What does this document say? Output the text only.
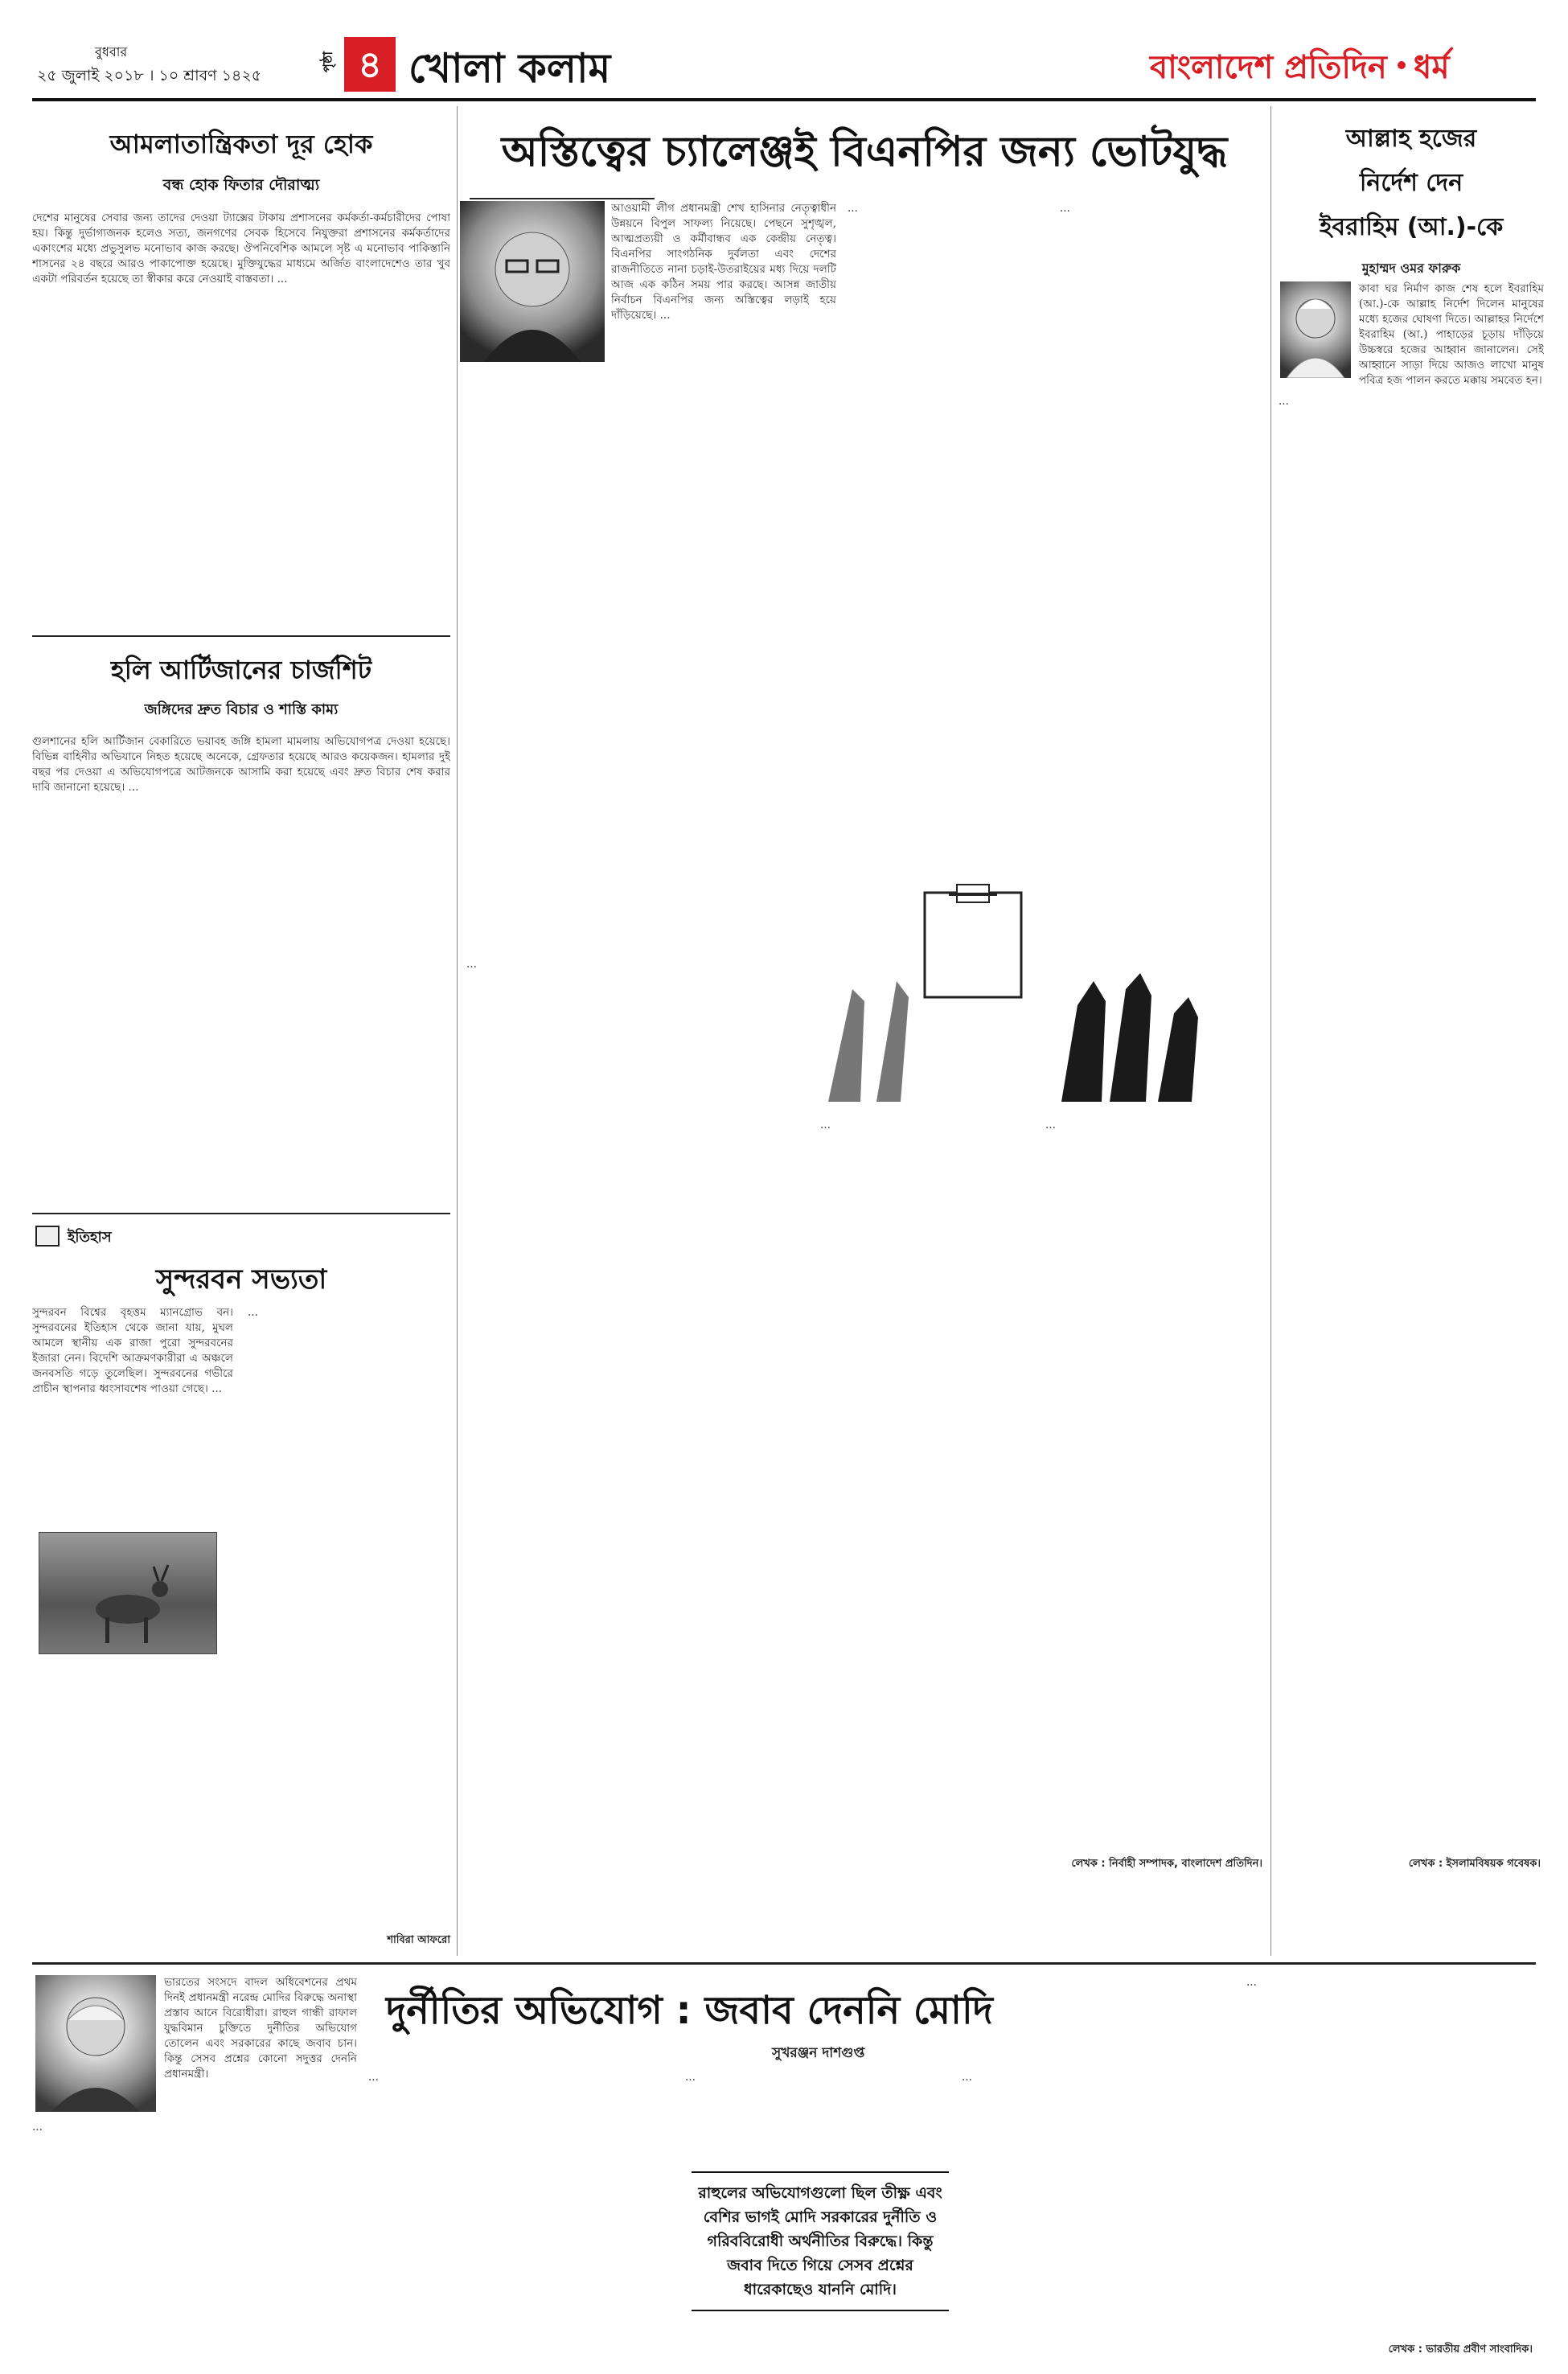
বুধবার
২৫ জুলাই ২০১৮ । ১০ শ্রাবণ ১৪২৫
পৃষ্ঠা ৪ খোলা কলাম	বাংলাদেশ প্রতিদিন ধর্ম
আমলাতান্ত্রিকতা দূর হোক
বন্ধ হোক ফিতার দৌরাত্ম্য
দেশের মানুষের সেবার জন্য তাদের দেওয়া ট্যাক্সের টাকায় প্রশাসনের কর্মকর্তা-কর্মচারীদের পোষা হয়। কিন্তু দুর্ভাগ্যজনক হলেও সত্য, জনগণের সেবক হিসেবে নিযুক্তরা প্রশাসনের কর্মকর্তাদের একাংশের মধ্যে প্রভুসুলভ মনোভাব কাজ করছে। ঔপনিবেশিক আমলে সৃষ্ট এ মনোভাব পাকিস্তানি শাসনের ২৪ বছরে আরও পাকাপোক্ত হয়েছে। মুক্তিযুদ্ধের মাধ্যমে অর্জিত বাংলাদেশেও তার খুব একটা পরিবর্তন হয়েছে তা স্বীকার করে নেওয়াই বাস্তবতা। ...
হলি আর্টিজানের চার্জশিট
জঙ্গিদের দ্রুত বিচার ও শাস্তি কাম্য
গুলশানের হলি আর্টিজান বেকারিতে ভয়াবহ জঙ্গি হামলা মামলায় অভিযোগপত্র দেওয়া হয়েছে। বিভিন্ন বাহিনীর অভিযানে নিহত হয়েছে অনেকে, গ্রেফতার হয়েছে আরও কয়েকজন। হামলার দুই বছর পর দেওয়া এ অভিযোগপত্রে আটজনকে আসামি করা হয়েছে এবং দ্রুত বিচার শেষ করার দাবি জানানো হয়েছে। ...
ইতিহাস
সুন্দরবন সভ্যতা
সুন্দরবন বিশ্বের বৃহত্তম ম্যানগ্রোভ বন। সুন্দরবনের ইতিহাস থেকে জানা যায়, মুঘল আমলে স্থানীয় এক রাজা পুরো সুন্দরবনের ইজারা নেন। বিদেশি আক্রমণকারীরা এ অঞ্চলে জনবসতি গড়ে তুলেছিল। সুন্দরবনের গভীরে প্রাচীন স্থাপনার ধ্বংসাবশেষ পাওয়া গেছে। ...
...
শাবিরা আফরো
অস্তিত্বের চ্যালেঞ্জই বিএনপির জন্য ভোটযুদ্ধ
আওয়ামী লীগ প্রধানমন্ত্রী শেখ হাসিনার নেতৃত্বাধীন উন্নয়নে বিপুল সাফল্য নিয়েছে। পেছনে সুশৃঙ্খল, আত্মপ্রত্যয়ী ও কর্মীবান্ধব এক কেন্দ্রীয় নেতৃত্ব। বিএনপির সাংগঠনিক দুর্বলতা এবং দেশের রাজনীতিতে নানা চড়াই-উতরাইয়ের মধ্য দিয়ে দলটি আজ এক কঠিন সময় পার করছে। আসন্ন জাতীয় নির্বাচন বিএনপির জন্য অস্তিত্বের লড়াই হয়ে দাঁড়িয়েছে। ...
...	...
...
...	...
লেখক : নির্বাহী সম্পাদক, বাংলাদেশ প্রতিদিন।
আল্লাহ হজের
নির্দেশ দেন
ইবরাহিম (আ.)-কে
মুহাম্মদ ওমর ফারুক
কাবা ঘর নির্মাণ কাজ শেষ হলে ইবরাহিম (আ.)-কে আল্লাহ নির্দেশ দিলেন মানুষের মধ্যে হজের ঘোষণা দিতে। আল্লাহর নির্দেশে ইবরাহিম (আ.) পাহাড়ের চূড়ায় দাঁড়িয়ে উচ্চস্বরে হজের আহ্বান জানালেন। সেই আহ্বানে সাড়া দিয়ে আজও লাখো মানুষ পবিত্র হজ পালন করতে মক্কায় সমবেত হন।
...
লেখক : ইসলামবিষয়ক গবেষক।
ভারতের সংসদে বাদল অধিবেশনের প্রথম দিনই প্রধানমন্ত্রী নরেন্দ্র মোদির বিরুদ্ধে অনাস্থা প্রস্তাব আনে বিরোধীরা। রাহুল গান্ধী রাফাল যুদ্ধবিমান চুক্তিতে দুর্নীতির অভিযোগ তোলেন এবং সরকারের কাছে জবাব চান। কিন্তু সেসব প্রশ্নের কোনো সদুত্তর দেননি প্রধানমন্ত্রী।
দুর্নীতির অভিযোগ : জবাব দেননি মোদি
সুখরঞ্জন দাশগুপ্ত
...
...	...
রাহুলের অভিযোগগুলো ছিল তীক্ষ্ণ এবং বেশির ভাগই মোদি সরকারের দুর্নীতি ও গরিববিরোধী অর্থনীতির বিরুদ্ধে। কিন্তু জবাব দিতে গিয়ে সেসব প্রশ্নের ধারেকাছেও যাননি মোদি।
...
...
লেখক : ভারতীয় প্রবীণ সাংবাদিক।
